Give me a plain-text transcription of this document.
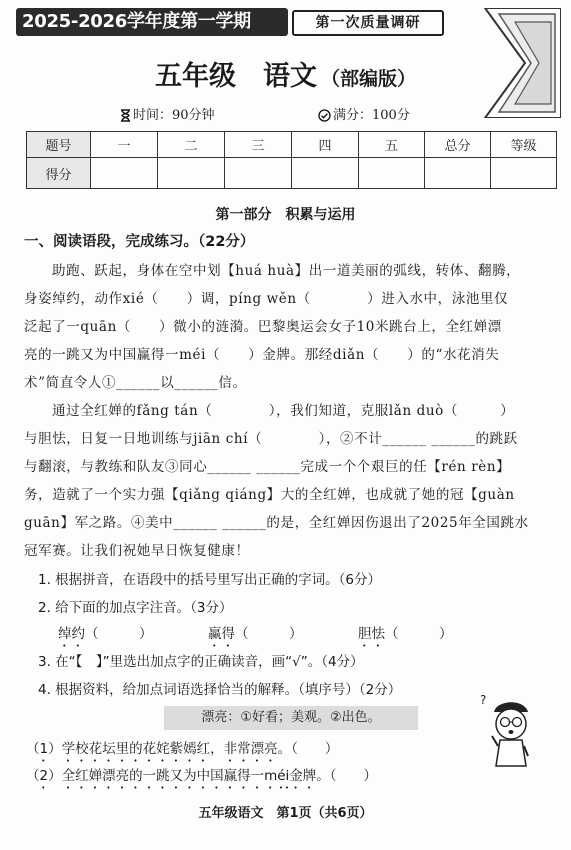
2025-2026学年度第一学期	第一次质量调研
五年级　语文 （部编版）
时间：90分钟	满分：100分
题号	一	二	三	四	五	总分	等级
得分							
第一部分　积累与运用
一、阅读语段，完成练习。（22分）
助跑、跃起，身体在空中划【huá huà】出一道美丽的弧线，转体、翻腾，
身姿绰约，动作xié（　　）调，píng wěn（　　　　）进入水中，泳池里仅
泛起了一quān（　　）微小的涟漪。巴黎奥运会女子10米跳台上，全红婵漂
亮的一跳又为中国赢得一méi（　　）金牌。那经diǎn（　　）的“水花消失
术”简直令人①______以______信。
通过全红婵的fǎng tán（　　　　），我们知道，克服lǎn duò（　　　）
与胆怯，日复一日地训练与jiān chí（　　　　），②不计______ ______的跳跃
与翻滚，与教练和队友③同心______ ______完成一个个艰巨的任【rén rèn】
务，造就了一个实力强【qiǎng qiáng】大的全红婵，也成就了她的冠【guàn
guān】军之路。④美中______ ______的是，全红婵因伤退出了2025年全国跳水
冠军赛。让我们祝她早日恢复健康！
1. 根据拼音，在语段中的括号里写出正确的字词。（6分）
2. 给下面的加点字注音。（3分）
绰约（　　　）	赢得（　　　）	胆怯（　　　）
3. 在“【　】”里选出加点字的正确读音，画“√”。（4分）
4. 根据资料，给加点词语选择恰当的解释。（填序号）（2分）
漂亮：①好看；美观。②出色。
?
（1）学校花坛里的花姹紫嫣红，非常漂亮。（　　）
（2）全红婵漂亮的一跳又为中国赢得一méi金牌。（　　）
五年级语文　第1页（共6页）
